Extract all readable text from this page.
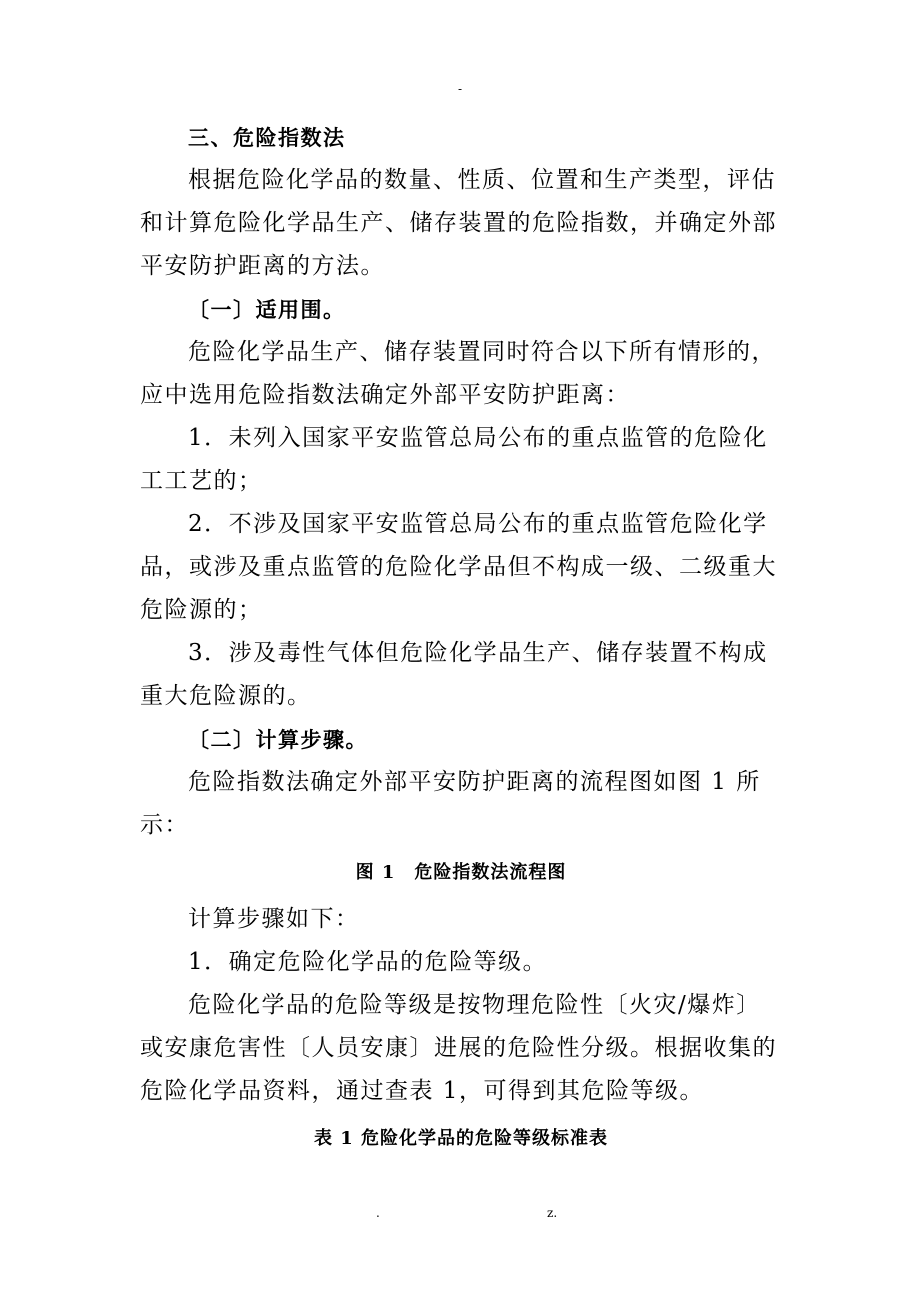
-

三、危险指数法

根据危险化学品的数量、性质、位置和生产类型，评估和计算危险化学品生产、储存装置的危险指数，并确定外部平安防护距离的方法。

〔一〕适用围。

危险化学品生产、储存装置同时符合以下所有情形的，应中选用危险指数法确定外部平安防护距离：

1．未列入国家平安监管总局公布的重点监管的危险化工工艺的；

2．不涉及国家平安监管总局公布的重点监管危险化学品，或涉及重点监管的危险化学品但不构成一级、二级重大危险源的；

3．涉及毒性气体但危险化学品生产、储存装置不构成重大危险源的。

〔二〕计算步骤。

危险指数法确定外部平安防护距离的流程图如图 1 所示：

图 1　危险指数法流程图

计算步骤如下：

1．确定危险化学品的危险等级。

危险化学品的危险等级是按物理危险性〔火灾/爆炸〕或安康危害性〔人员安康〕进展的危险性分级。根据收集的危险化学品资料，通过查表 1，可得到其危险等级。

表 1 危险化学品的危险等级标准表

.	z.
